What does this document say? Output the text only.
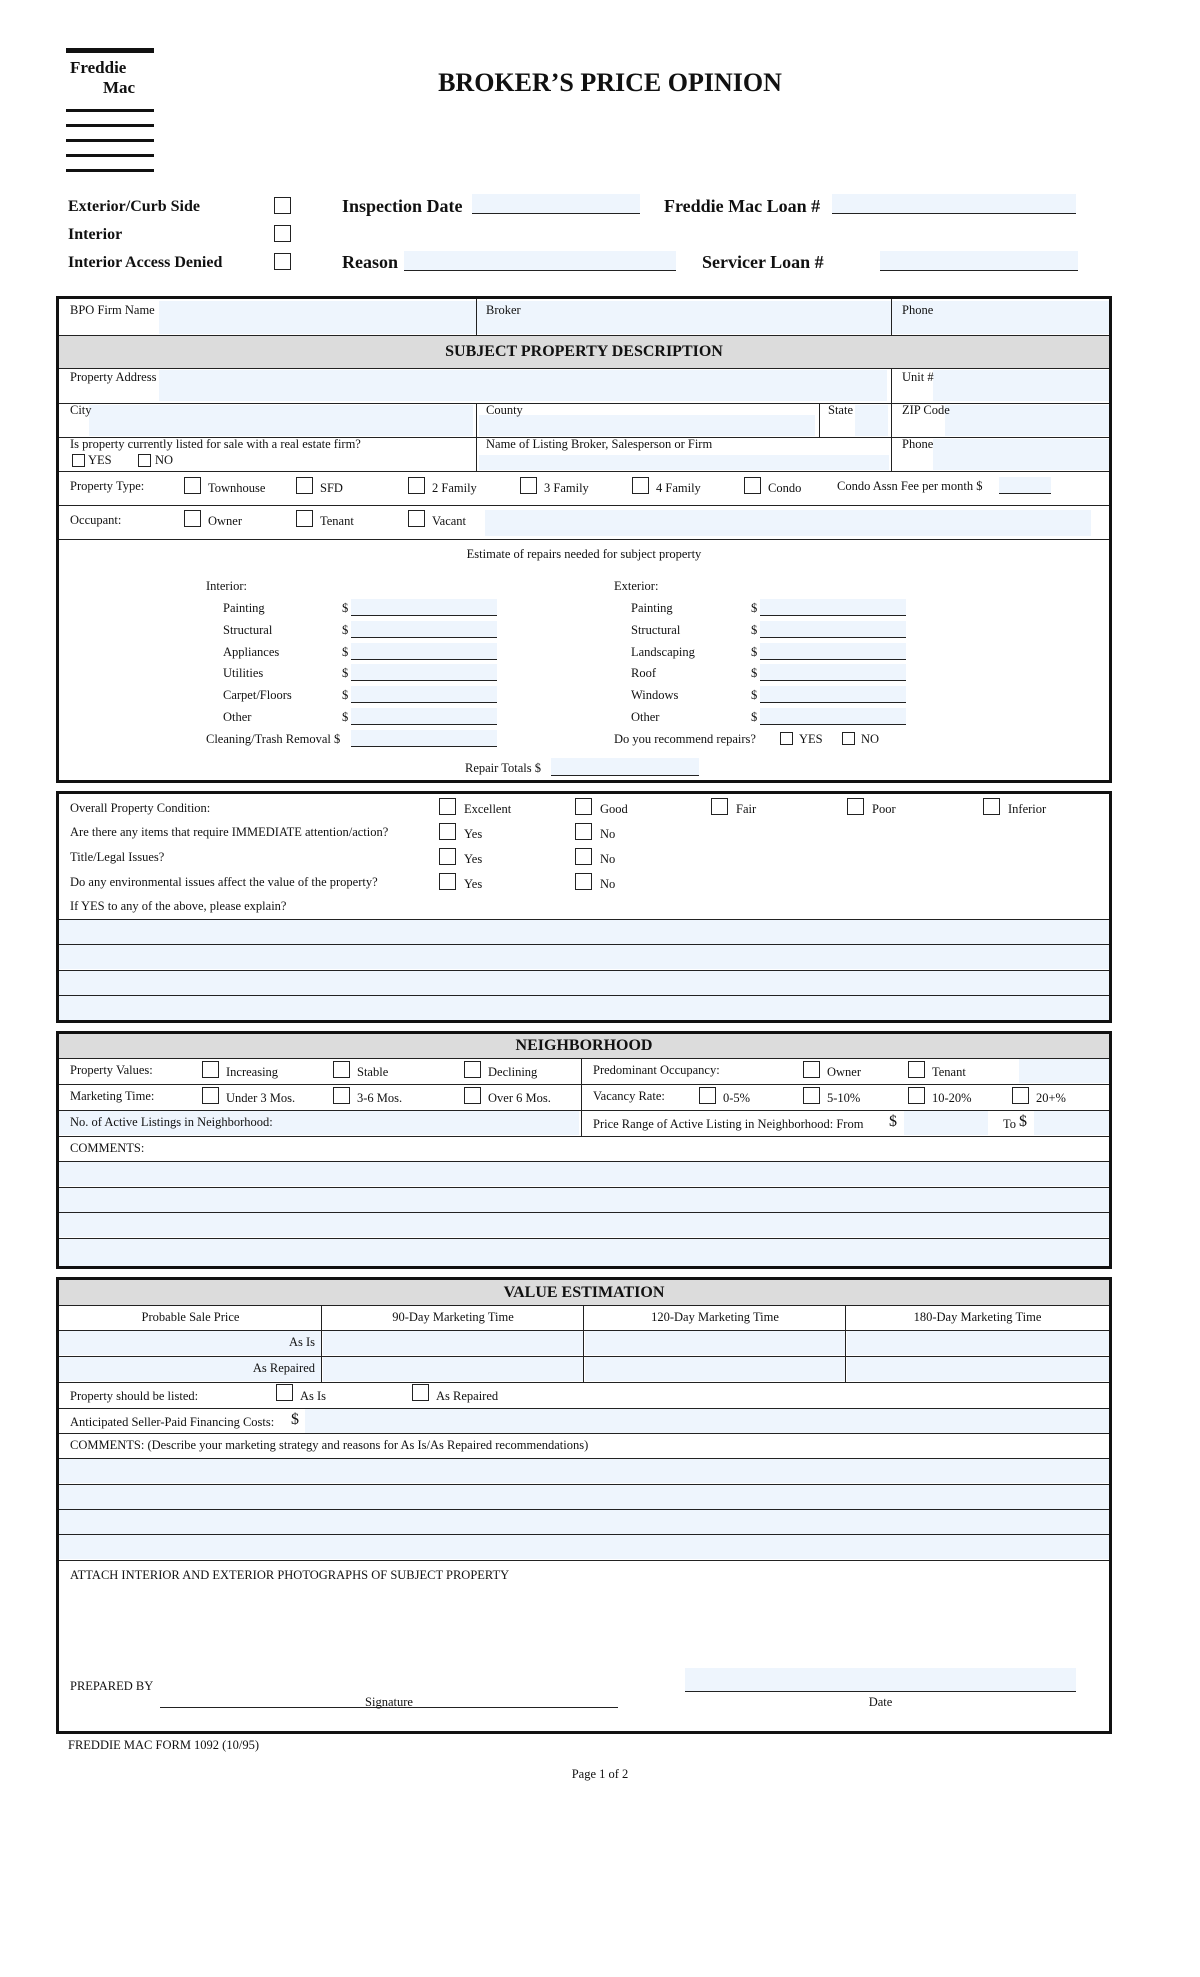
Freddie
Mac	BROKER’S PRICE OPINION
Exterior/Curb Side
Interior
Interior Access Denied
Inspection Date
Reason
Freddie Mac Loan #
Servicer Loan #
BPO Firm Name	Broker	Phone
SUBJECT PROPERTY DESCRIPTION
Property Address	Unit #
City	County	State	ZIP Code
Is property currently listed for sale with a real estate firm?
YES	NO
Name of Listing Broker, Salesperson or Firm	Phone
Property Type:	Townhouse	SFD	2 Family	3 Family	4 Family	Condo	Condo Assn Fee per month $
Occupant:	Owner	Tenant	Vacant
Estimate of repairs needed for subject property
Interior:	Exterior:
Painting	$
Structural	$
Appliances	$
Utilities	$
Carpet/Floors	$
Other	$
Cleaning/Trash Removal $
Painting	$
Structural	$
Landscaping	$
Roof	$
Windows	$
Other	$
Do you recommend repairs?	YES	NO
Repair Totals $
Overall Property Condition:	Excellent	Good	Fair	Poor	Inferior
Are there any items that require IMMEDIATE attention/action?	Yes	No
Title/Legal Issues?	Yes	No
Do any environmental issues affect the value of the property?	Yes	No
If YES to any of the above, please explain?
NEIGHBORHOOD
Property Values:	Increasing	Stable	Declining	Predominant Occupancy:	Owner	Tenant
Marketing Time:	Under 3 Mos.	3-6 Mos.	Over 6 Mos.	Vacancy Rate:	0-5%	5-10%	10-20%	20+%
No. of Active Listings in Neighborhood:	Price Range of Active Listing in Neighborhood: From $	To $
COMMENTS:
VALUE ESTIMATION
Probable Sale Price	90-Day Marketing Time	120-Day Marketing Time	180-Day Marketing Time
As Is
As Repaired
Property should be listed:	As Is	As Repaired
Anticipated Seller-Paid Financing Costs: $
COMMENTS: (Describe your marketing strategy and reasons for As Is/As Repaired recommendations)
ATTACH INTERIOR AND EXTERIOR PHOTOGRAPHS OF SUBJECT PROPERTY
PREPARED BY
Signature	Date
FREDDIE MAC FORM 1092 (10/95)
Page 1 of 2
